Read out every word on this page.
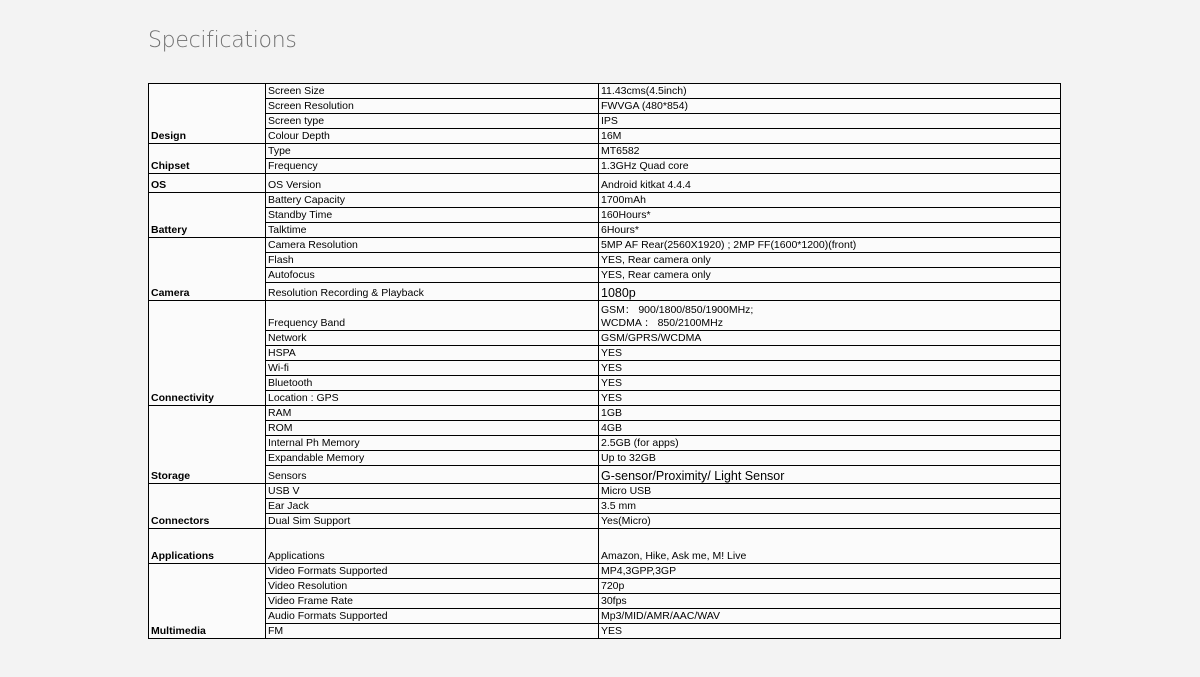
Specifications
Design	Screen Size	11.43cms(4.5inch)
	Screen Resolution	FWVGA (480*854)
	Screen type	IPS
	Colour Depth	16M
Chipset	Type	MT6582
	Frequency	1.3GHz Quad core
OS	OS Version	Android kitkat 4.4.4
Battery	Battery Capacity	1700mAh
	Standby Time	160Hours*
	Talktime	6Hours*
Camera	Camera Resolution	5MP AF Rear(2560X1920) ; 2MP FF(1600*1200)(front)
	Flash	YES, Rear camera only
	Autofocus	YES, Rear camera only
	Resolution Recording & Playback	1080p
Connectivity	Frequency Band	GSM： 900/1800/850/1900MHz;
WCDMA ： 850/2100MHz

	Network	GSM/GPRS/WCDMA
	HSPA	YES
	Wi-fi	YES
	Bluetooth	YES
	Location : GPS	YES
Storage	RAM	1GB
	ROM	4GB
	Internal Ph Memory	2.5GB (for apps)
	Expandable Memory	Up to 32GB
	Sensors	G-sensor/Proximity/ Light Sensor
Connectors	USB V	Micro USB
	Ear Jack	3.5 mm
	Dual Sim Support	Yes(Micro)
Applications	Applications	Amazon, Hike, Ask me, M! Live
Multimedia	Video Formats Supported	MP4,3GPP,3GP
	Video Resolution	720p
	Video Frame Rate	30fps
	Audio Formats Supported	Mp3/MID/AMR/AAC/WAV
	FM	YES
